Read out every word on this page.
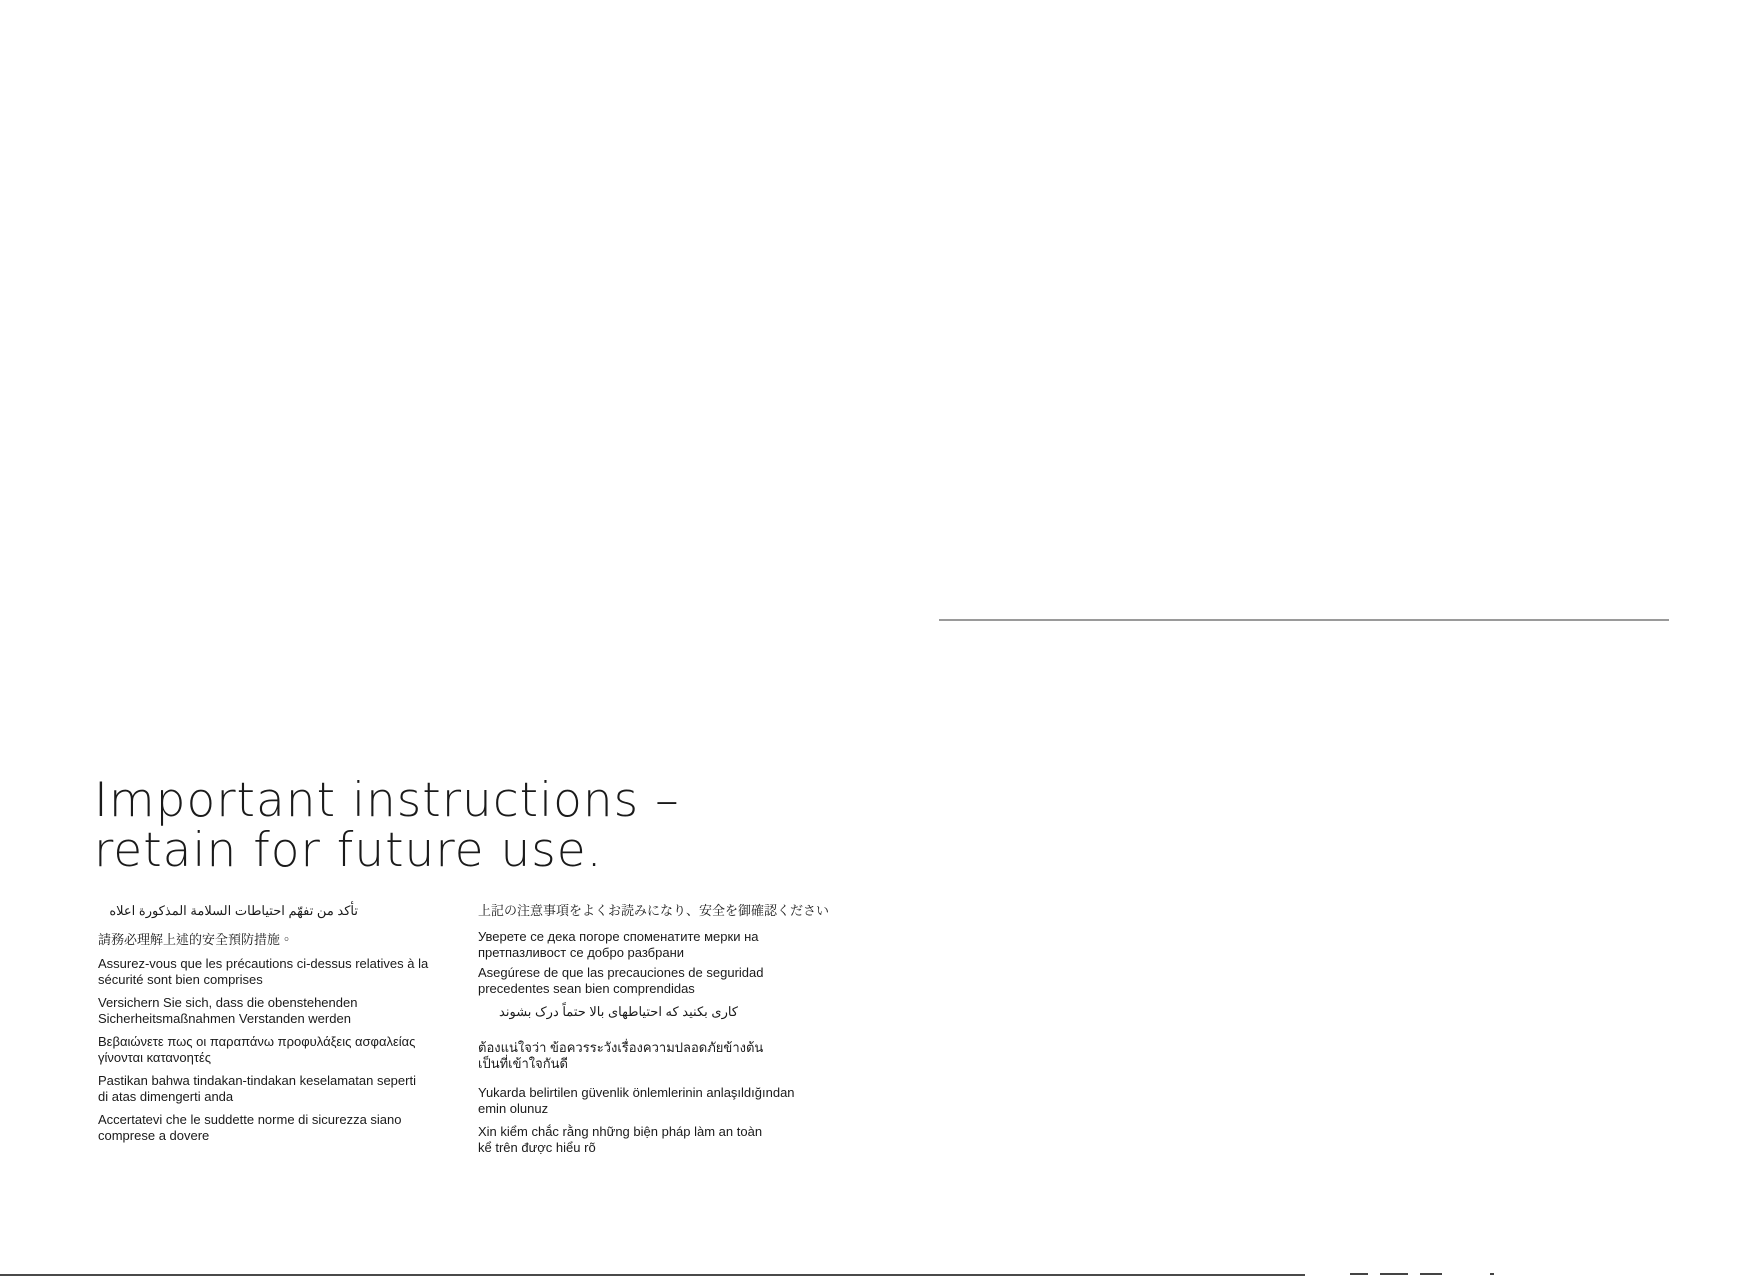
Important instructions –
retain for future use.
تأكد من تفهّم احتياطات السلامة المذكورة اعلاه
請務必理解上述的安全預防措施。
Assurez-vous que les précautions ci-dessus relatives à la
sécurité sont bien comprises
Versichern Sie sich, dass die obenstehenden
Sicherheitsmaßnahmen Verstanden werden
Βεβαιώνετε πως οι παραπάνω προφυλάξεις ασφαλείας
γίνονται κατανοητές
Pastikan bahwa tindakan-tindakan keselamatan seperti
di atas dimengerti anda
Accertatevi che le suddette norme di sicurezza siano
comprese a dovere
上記の注意事項をよくお読みになり、安全を御確認ください
Уверете се дека погоре споменатите мерки на
претпазливост се добро разбрани
Asegúrese de que las precauciones de seguridad
precedentes sean bien comprendidas
کاری بکنید که احتیاطهای بالا حتماً درک بشوند
ต้องแน่ใจว่า ข้อควรระวังเรื่องความปลอดภัยข้างต้น
เป็นที่เข้าใจกันดี
Yukarda belirtilen güvenlik önlemlerinin anlaşıldığından
emin olunuz
Xin kiểm chắc rằng những biện pháp làm an toàn
kể trên được hiểu rõ
